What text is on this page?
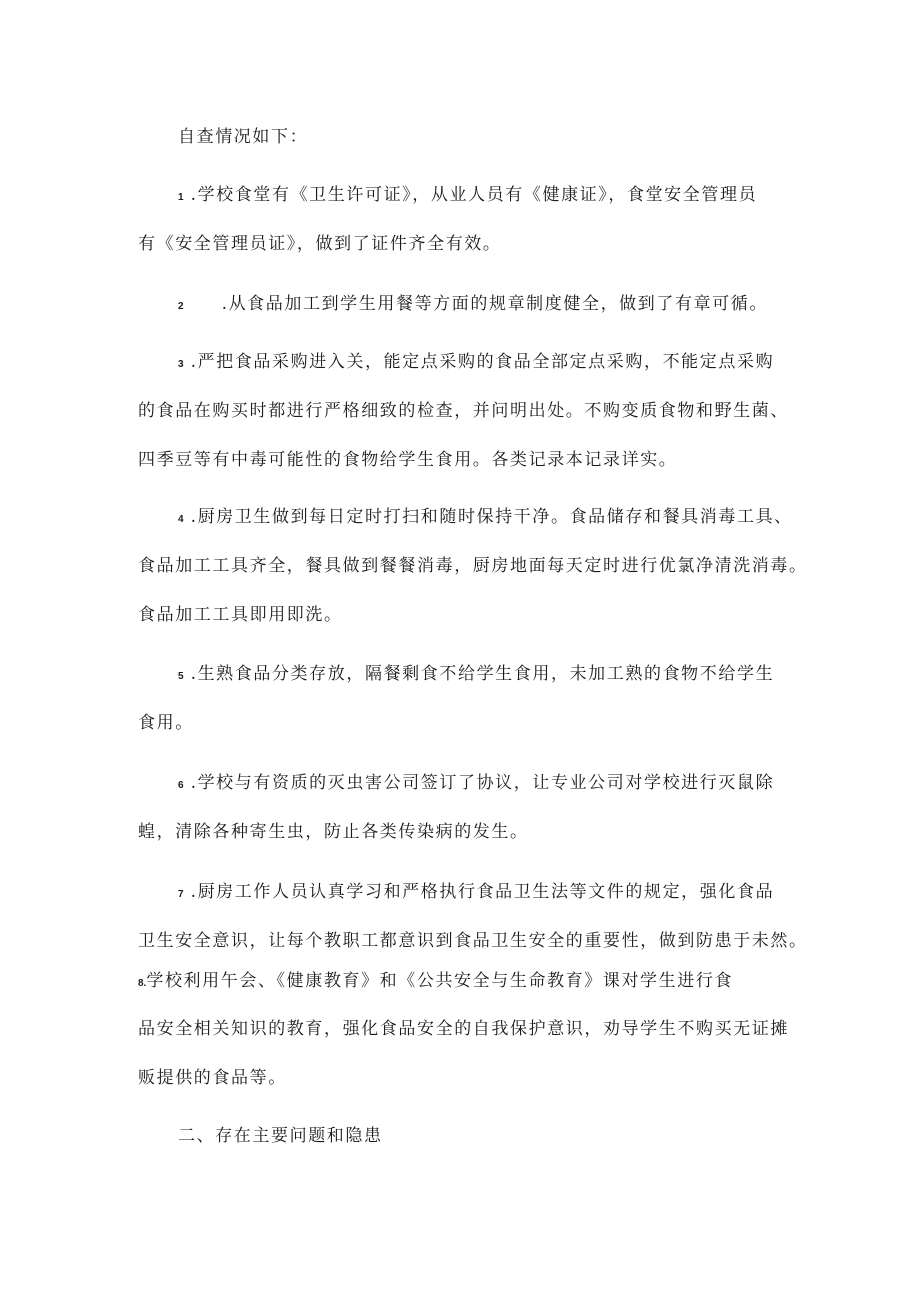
自查情况如下：
1 .学校食堂有《卫生许可证》，从业人员有《健康证》，食堂安全管理员
有《安全管理员证》，做到了证件齐全有效。
2 .从食品加工到学生用餐等方面的规章制度健全，做到了有章可循。
3 .严把食品采购进入关，能定点采购的食品全部定点采购，不能定点采购
的食品在购买时都进行严格细致的检查，并问明出处。不购变质食物和野生菌、
四季豆等有中毒可能性的食物给学生食用。各类记录本记录详实。
4 .厨房卫生做到每日定时打扫和随时保持干净。食品储存和餐具消毒工具、
食品加工工具齐全，餐具做到餐餐消毒，厨房地面每天定时进行优氯净清洗消毒。
食品加工工具即用即洗。
5 .生熟食品分类存放，隔餐剩食不给学生食用，未加工熟的食物不给学生
食用。
6 .学校与有资质的灭虫害公司签订了协议，让专业公司对学校进行灭鼠除
蝗，清除各种寄生虫，防止各类传染病的发生。
7 .厨房工作人员认真学习和严格执行食品卫生法等文件的规定，强化食品
卫生安全意识，让每个教职工都意识到食品卫生安全的重要性，做到防患于未然。
8.学校利用午会、《健康教育》和《公共安全与生命教育》课对学生进行食
品安全相关知识的教育，强化食品安全的自我保护意识，劝导学生不购买无证摊
贩提供的食品等。
二、存在主要问题和隐患
